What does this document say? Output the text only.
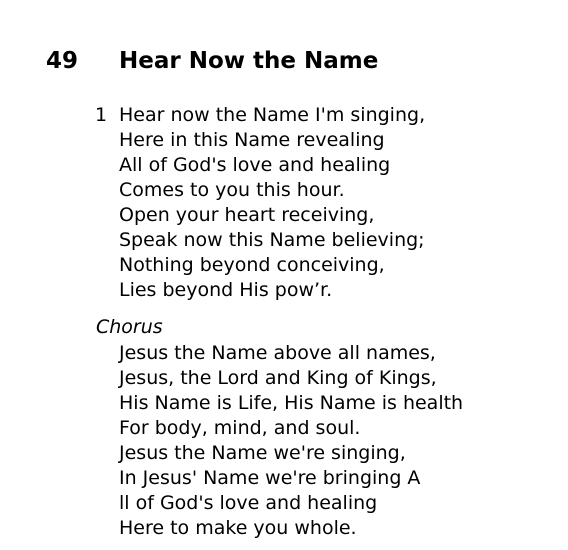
49 Hear Now the Name
1 Hear now the Name I'm singing,
Here in this Name revealing
All of God's love and healing
Comes to you this hour.
Open your heart receiving,
Speak now this Name believing;
Nothing beyond conceiving,
Lies beyond His pow’r.
Chorus
Jesus the Name above all names,
Jesus, the Lord and King of Kings,
His Name is Life, His Name is health
For body, mind, and soul.
Jesus the Name we're singing,
In Jesus' Name we're bringing A
ll of God's love and healing
Here to make you whole.
